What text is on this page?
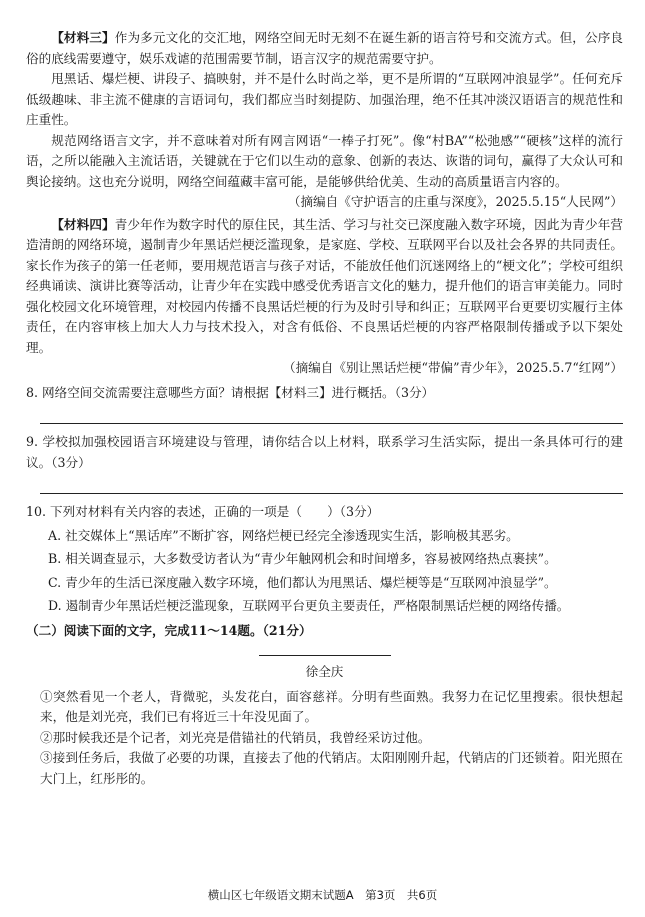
【材料三】作为多元文化的交汇地，网络空间无时无刻不在诞生新的语言符号和交流方式。但，公序良俗的底线需要遵守，娱乐戏谑的范围需要节制，语言汉字的规范需要守护。

甩黑话、爆烂梗、讲段子、搞映射，并不是什么时尚之举，更不是所谓的“互联网冲浪显学”。任何充斥低级趣味、非主流不健康的言语词句，我们都应当时刻提防、加强治理，绝不任其冲淡汉语语言的规范性和庄重性。

规范网络语言文字，并不意味着对所有网言网语“一棒子打死”。像“村BA”“松弛感”“硬核”这样的流行语，之所以能融入主流话语，关键就在于它们以生动的意象、创新的表达、诙谐的词句，赢得了大众认可和舆论接纳。这也充分说明，网络空间蕴藏丰富可能，是能够供给优美、生动的高质量语言内容的。

（摘编自《守护语言的庄重与深度》，2025.5.15“人民网”）

【材料四】青少年作为数字时代的原住民，其生活、学习与社交已深度融入数字环境，因此为青少年营造清朗的网络环境，遏制青少年黑话烂梗泛滥现象，是家庭、学校、互联网平台以及社会各界的共同责任。家长作为孩子的第一任老师，要用规范语言与孩子对话，不能放任他们沉迷网络上的“梗文化”；学校可组织经典诵读、演讲比赛等活动，让青少年在实践中感受优秀语言文化的魅力，提升他们的语言审美能力。同时强化校园文化环境管理，对校园内传播不良黑话烂梗的行为及时引导和纠正；互联网平台更要切实履行主体责任，在内容审核上加大人力与技术投入，对含有低俗、不良黑话烂梗的内容严格限制传播或予以下架处理。

（摘编自《别让黑话烂梗“带偏”青少年》，2025.5.7“红网”）

8. 网络空间交流需要注意哪些方面？请根据【材料三】进行概括。（3分）

9. 学校拟加强校园语言环境建设与管理，请你结合以上材料，联系学习生活实际，提出一条具体可行的建议。（3分）

10. 下列对材料有关内容的表述，正确的一项是（　　）（3分）

A. 社交媒体上“黑话库”不断扩容，网络烂梗已经完全渗透现实生活，影响极其恶劣。

B. 相关调查显示，大多数受访者认为“青少年触网机会和时间增多，容易被网络热点裹挟”。

C. 青少年的生活已深度融入数字环境，他们都认为甩黑话、爆烂梗等是“互联网冲浪显学”。

D. 遏制青少年黑话烂梗泛滥现象，互联网平台更负主要责任，严格限制黑话烂梗的网络传播。

（二）阅读下面的文字，完成11～14题。（21分）

徐全庆

①突然看见一个老人，背微驼，头发花白，面容慈祥。分明有些面熟。我努力在记忆里搜索。很快想起来，他是刘光亮，我们已有将近三十年没见面了。

②那时候我还是个记者，刘光亮是借锚社的代销员，我曾经采访过他。

③接到任务后，我做了必要的功课，直接去了他的代销店。太阳刚刚升起，代销店的门还锁着。阳光照在大门上，红彤彤的。

横山区七年级语文期末试题A　第3页　共6页
